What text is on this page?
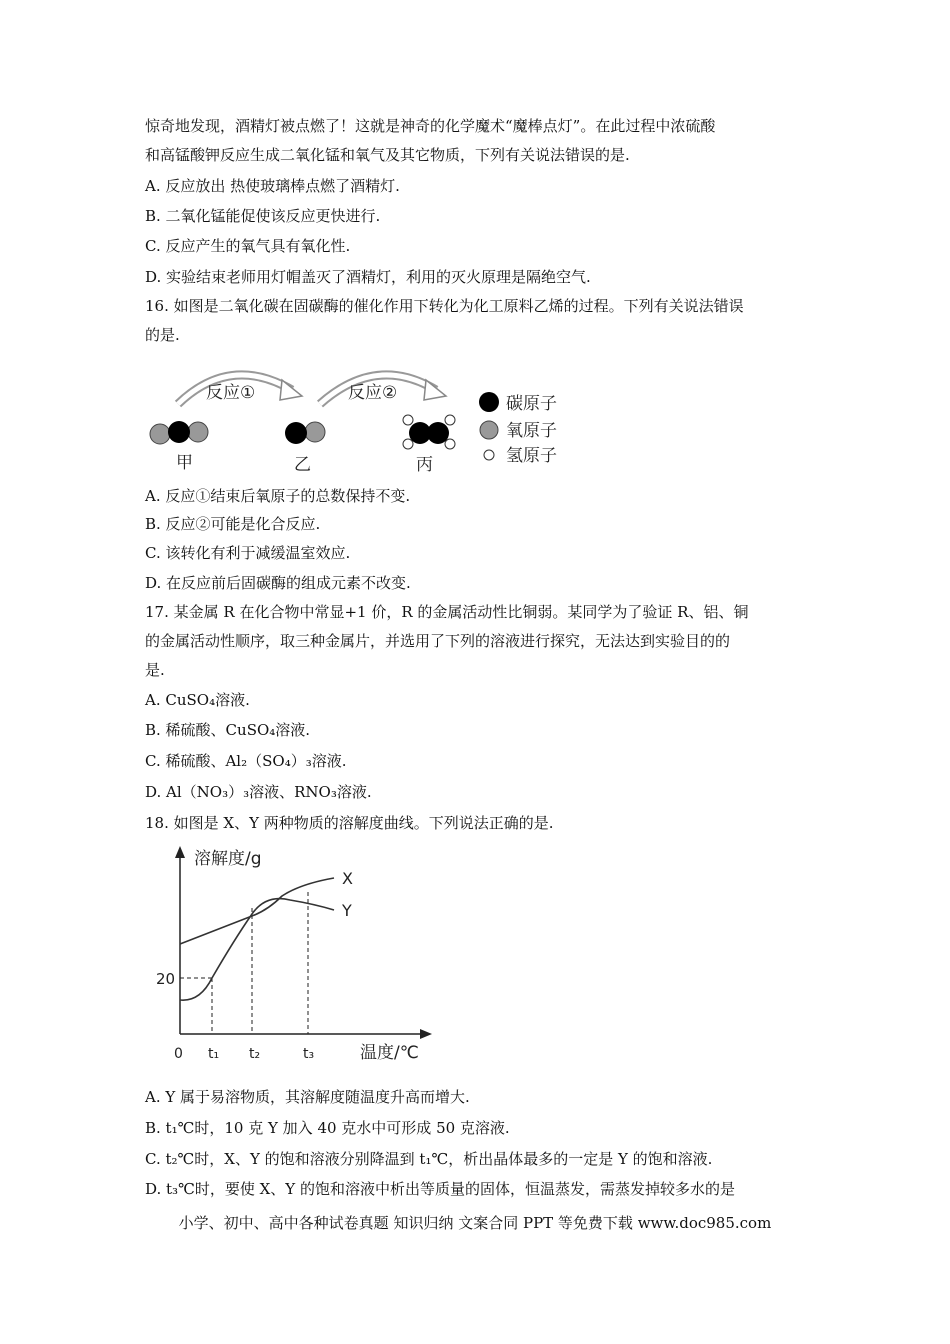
惊奇地发现，酒精灯被点燃了！这就是神奇的化学魔术“魔棒点灯”。在此过程中浓硫酸
和高锰酸钾反应生成二氧化锰和氧气及其它物质，下列有关说法错误的是.
A. 反应放出 热使玻璃棒点燃了酒精灯.
B. 二氧化锰能促使该反应更快进行.
C. 反应产生的氧气具有氧化性.
D. 实验结束老师用灯帽盖灭了酒精灯，利用的灭火原理是隔绝空气.
16. 如图是二氧化碳在固碳酶的催化作用下转化为化工原料乙烯的过程。下列有关说法错误
的是.
反应①	反应②
甲	乙	丙
碳原子
氧原子
氢原子
A. 反应①结束后氧原子的总数保持不变.
B. 反应②可能是化合反应.
C. 该转化有利于减缓温室效应.
D. 在反应前后固碳酶的组成元素不改变.
17. 某金属 R 在化合物中常显+1 价，R 的金属活动性比铜弱。某同学为了验证 R、铝、铜
的金属活动性顺序，取三种金属片，并选用了下列的溶液进行探究，无法达到实验目的的
是.
A. CuSO₄溶液.
B. 稀硫酸、CuSO₄溶液.
C. 稀硫酸、Al₂（SO₄）₃溶液.
D. Al（NO₃）₃溶液、RNO₃溶液.
18. 如图是 X、Y 两种物质的溶解度曲线。下列说法正确的是.
溶解度/g
温度/℃
0 t₁ t₂	t₃
20
X
Y
A. Y 属于易溶物质，其溶解度随温度升高而增大.
B. t₁℃时，10 克 Y 加入 40 克水中可形成 50 克溶液.
C. t₂℃时，X、Y 的饱和溶液分别降温到 t₁℃，析出晶体最多的一定是 Y 的饱和溶液.
D. t₃℃时，要使 X、Y 的饱和溶液中析出等质量的固体，恒温蒸发，需蒸发掉较多水的是
小学、初中、高中各种试卷真题 知识归纳 文案合同 PPT 等免费下载 www.doc985.com
